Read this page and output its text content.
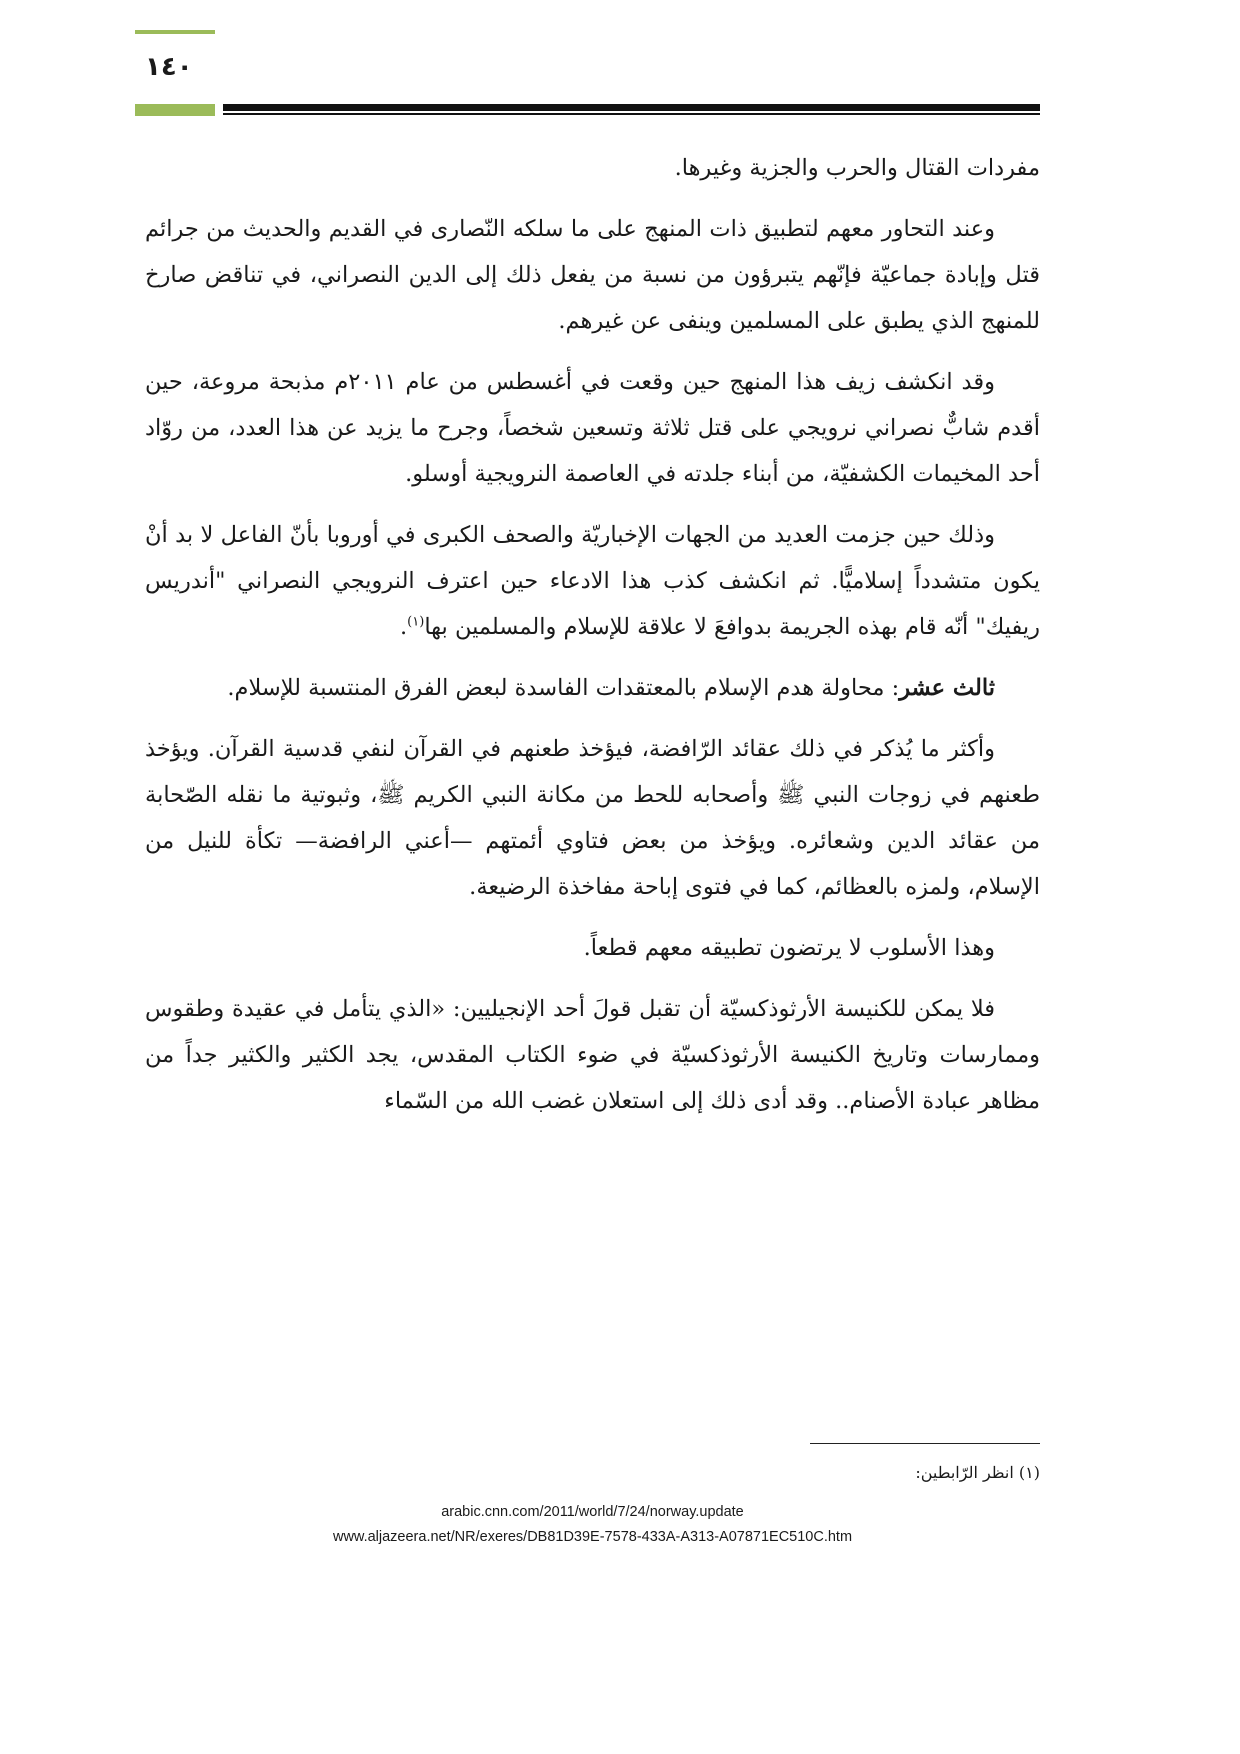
١٤٠

مفردات القتال والحرب والجزية وغيرها.

وعند التحاور معهم لتطبيق ذات المنهج على ما سلكه النّصارى في القديم والحديث من جرائم قتل وإبادة جماعيّة فإنّهم يتبرؤون من نسبة من يفعل ذلك إلى الدين النصراني، في تناقض صارخ للمنهج الذي يطبق على المسلمين وينفى عن غيرهم.

وقد انكشف زيف هذا المنهج حين وقعت في أغسطس من عام ٢٠١١م مذبحة مروعة، حين أقدم شابٌّ نصراني نرويجي على قتل ثلاثة وتسعين شخصاً، وجرح ما يزيد عن هذا العدد، من روّاد أحد المخيمات الكشفيّة، من أبناء جلدته في العاصمة النرويجية أوسلو.

وذلك حين جزمت العديد من الجهات الإخباريّة والصحف الكبرى في أوروبا بأنّ الفاعل لا بد أنْ يكون متشدداً إسلاميًّا. ثم انكشف كذب هذا الادعاء حين اعترف النرويجي النصراني "أندريس ريفيك" أنّه قام بهذه الجريمة بدوافعَ لا علاقة للإسلام والمسلمين بها$^{(١)}$.

ثالث عشر: محاولة هدم الإسلام بالمعتقدات الفاسدة لبعض الفرق المنتسبة للإسلام.

وأكثر ما يُذكر في ذلك عقائد الرّافضة، فيؤخذ طعنهم في القرآن لنفي قدسية القرآن. ويؤخذ طعنهم في زوجات النبي ﷺ وأصحابه للحط من مكانة النبي الكريم ﷺ، وثبوتية ما نقله الصّحابة من عقائد الدين وشعائره. ويؤخذ من بعض فتاوي أئمتهم —أعني الرافضة— تكأة للنيل من الإسلام، ولمزه بالعظائم، كما في فتوى إباحة مفاخذة الرضيعة.

وهذا الأسلوب لا يرتضون تطبيقه معهم قطعاً.

فلا يمكن للكنيسة الأرثوذكسيّة أن تقبل قولَ أحد الإنجيليين: «الذي يتأمل في عقيدة وطقوس وممارسات وتاريخ الكنيسة الأرثوذكسيّة في ضوء الكتاب المقدس، يجد الكثير والكثير جداً من مظاهر عبادة الأصنام.. وقد أدى ذلك إلى استعلان غضب الله من السّماء

(١) انظر الرّابطين:
arabic.cnn.com/2011/world/7/24/norway.update
www.aljazeera.net/NR/exeres/DB81D39E-7578-433A-A313-A07871EC510C.htm
